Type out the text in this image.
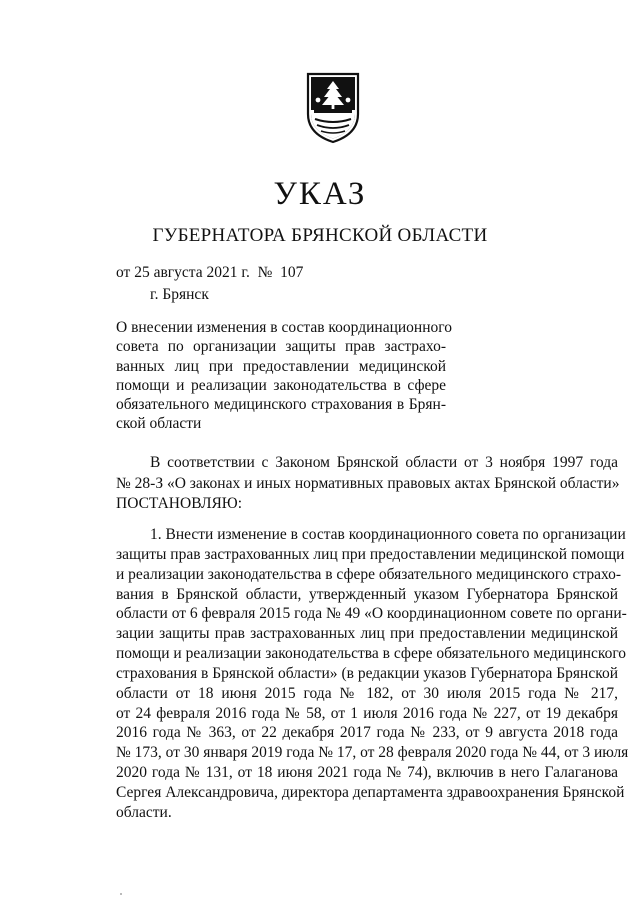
УКАЗ
ГУБЕРНАТОРА БРЯНСКОЙ ОБЛАСТИ
от 25 августа 2021 г.  №  107
г. Брянск
О внесении изменения в состав координационного
совета по организации защиты прав застрахо-
ванных лиц при предоставлении медицинской
помощи и реализации законодательства в сфере
обязательного медицинского страхования в Брян-
ской области
В соответствии с Законом Брянской области от 3 ноября 1997 года
№ 28-З «О законах и иных нормативных правовых актах Брянской области»
ПОСТАНОВЛЯЮ:
1. Внести изменение в состав координационного совета по организации
защиты прав застрахованных лиц при предоставлении медицинской помощи
и реализации законодательства в сфере обязательного медицинского страхо-
вания в Брянской области, утвержденный указом Губернатора Брянской
области от 6 февраля 2015 года № 49 «О координационном совете по органи-
зации защиты прав застрахованных лиц при предоставлении медицинской
помощи и реализации законодательства в сфере обязательного медицинского
страхования в Брянской области» (в редакции указов Губернатора Брянской
области от 18 июня 2015 года № 182, от 30 июля 2015 года № 217,
от 24 февраля 2016 года № 58, от 1 июля 2016 года № 227, от 19 декабря
2016 года № 363, от 22 декабря 2017 года № 233, от 9 августа 2018 года
№ 173, от 30 января 2019 года № 17, от 28 февраля 2020 года № 44, от 3 июля
2020 года № 131, от 18 июня 2021 года № 74), включив в него Галаганова
Сергея Александровича, директора департамента здравоохранения Брянской
области.
